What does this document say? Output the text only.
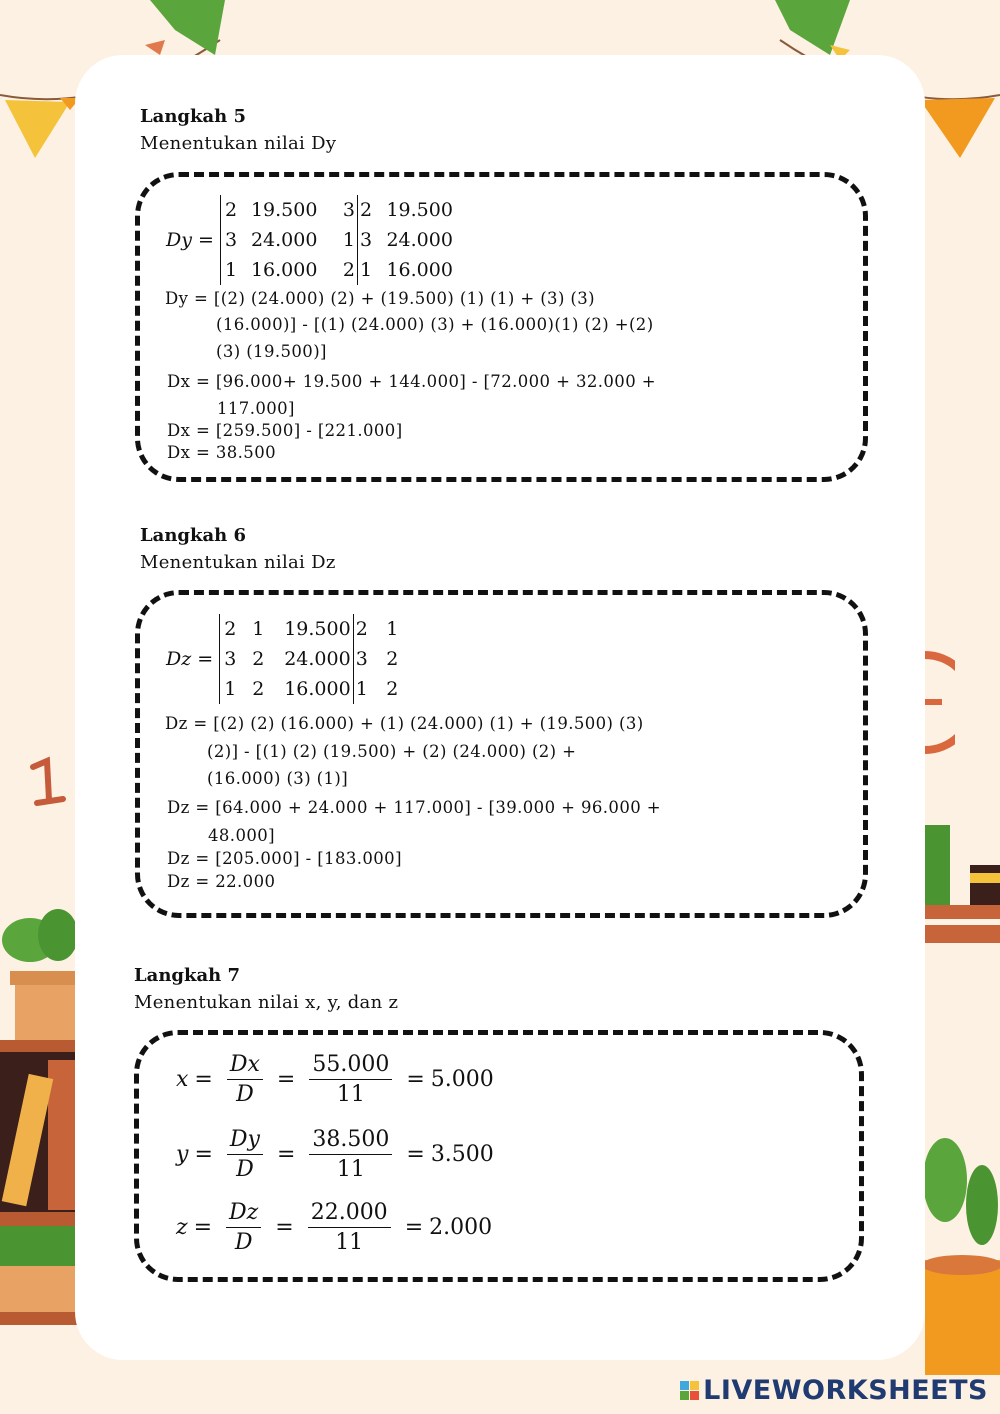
Langkah 5
Menentukan nilai Dy
Dy =
2	19.500	3	2	19.500
3	24.000	1	3	24.000
1	16.000	2	1	16.000
Dy = [(2) (24.000) (2) + (19.500) (1) (1) + (3) (3)
(16.000)] - [(1) (24.000) (3) + (16.000)(1) (2) +(2)
(3) (19.500)]
Dx = [96.000+ 19.500 + 144.000] - [72.000 + 32.000 +
117.000]
Dx = [259.500] - [221.000]
Dx = 38.500
Langkah 6
Menentukan nilai Dz
Dz =
2	1	19.500	2	1
3	2	24.000	3	2
1	2	16.000	1	2
Dz = [(2) (2) (16.000) + (1) (24.000) (1) + (19.500) (3)
(2)] - [(1) (2) (19.500) + (2) (24.000) (2) +
(16.000) (3) (1)]
Dz = [64.000 + 24.000 + 117.000] - [39.000 + 96.000 +
48.000]
Dz = [205.000] - [183.000]
Dz = 22.000
Langkah 7
Menentukan nilai x, y, dan z
$x = \frac{Dx}{D} = \frac{55.000}{11} = 5.000$
$y = \frac{Dy}{D} = \frac{38.500}{11} = 3.500$
$z = \frac{Dz}{D} = \frac{22.000}{11} = 2.000$
LIVEWORKSHEETS
